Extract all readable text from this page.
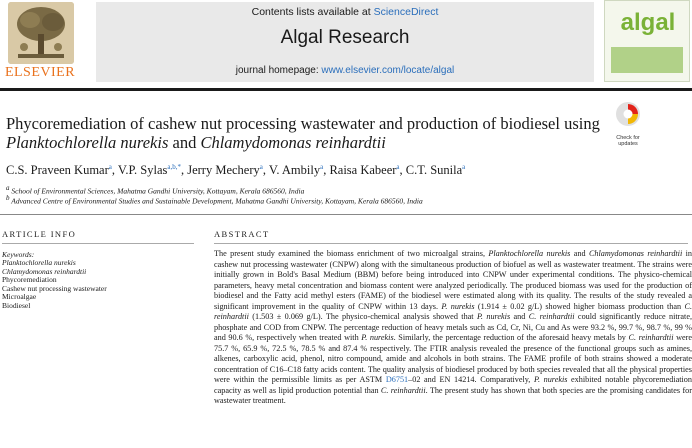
ELSEVIER
Contents lists available at ScienceDirect
Algal Research
journal homepage: www.elsevier.com/locate/algal
algal
Phycoremediation of cashew nut processing wastewater and production of biodiesel using Planktochlorella nurekis and Chlamydomonas reinhardtii	Check for
updates
C.S. Praveen Kumar$^a$, V.P. Sylas$^{a,b,*}$, Jerry Mechery$^a$, V. Ambily$^a$, Raisa Kabeer$^a$, C.T. Sunila$^a$
a School of Environmental Sciences, Mahatma Gandhi University, Kottayam, Kerala 686560, India
b Advanced Centre of Environmental Studies and Sustainable Development, Mahatma Gandhi University, Kottayam, Kerala 686560, India
ARTICLE INFO
Keywords:
Planktochlorella nurekis
Chlamydomonas reinhardtii
Phycoremediation
Cashew nut processing wastewater
Microalgae
Biodiesel
ABSTRACT

The present study examined the biomass enrichment of two microalgal strains, Planktochlorella nurekis and Chlamydomonas reinhardtii in cashew nut processing wastewater (CNPW) along with the simultaneous production of biofuel as well as wastewater treatment. The strains were initially grown in Bold's Basal Medium (BBM) before being introduced into CNPW under experimental conditions. The physico-chemical parameters, heavy metal concentration and biomass content were analyzed periodically. The produced biomass was used for the production of biodiesel and the Fatty acid methyl esters (FAME) of the biodiesel were estimated along with its quality. The results of the study revealed a significant improvement in the quality of CNPW within 13 days. P. nurekis (1.914 ± 0.02 g/L) showed higher biomass production than C. reinhardtii (1.503 ± 0.069 g/L). The physico-chemical analysis showed that P. nurekis and C. reinhardtii could significantly reduce nitrate, phosphate and COD from CNPW. The percentage reduction of heavy metals such as Cd, Cr, Ni, Cu and As were 93.2 %, 99.7 %, 98.7 %, 99 % and 90.6 %, respectively when treated with P. nurekis. Similarly, the percentage reduction of the aforesaid heavy metals by C. reinhardtii were 75.7 %, 65.9 %, 72.5 %, 78.5 % and 87.4 % respectively. The FTIR analysis revealed the presence of the functional groups such as amines, alkenes, carboxylic acid, phenol, nitro compound, amide and alcohols in both strains. The FAME profile of both strains showed a moderate concentration of C16–C18 fatty acids content. The quality analysis of biodiesel produced by both species revealed that all the physical properties were within the permissible limits as per ASTM D6751–02 and EN 14214. Comparatively, P. nurekis exhibited notable phycoremediation capacity as well as lipid production potential than C. reinhardtii. The present study has shown that both species are the promising candidates for wastewater treatment.
